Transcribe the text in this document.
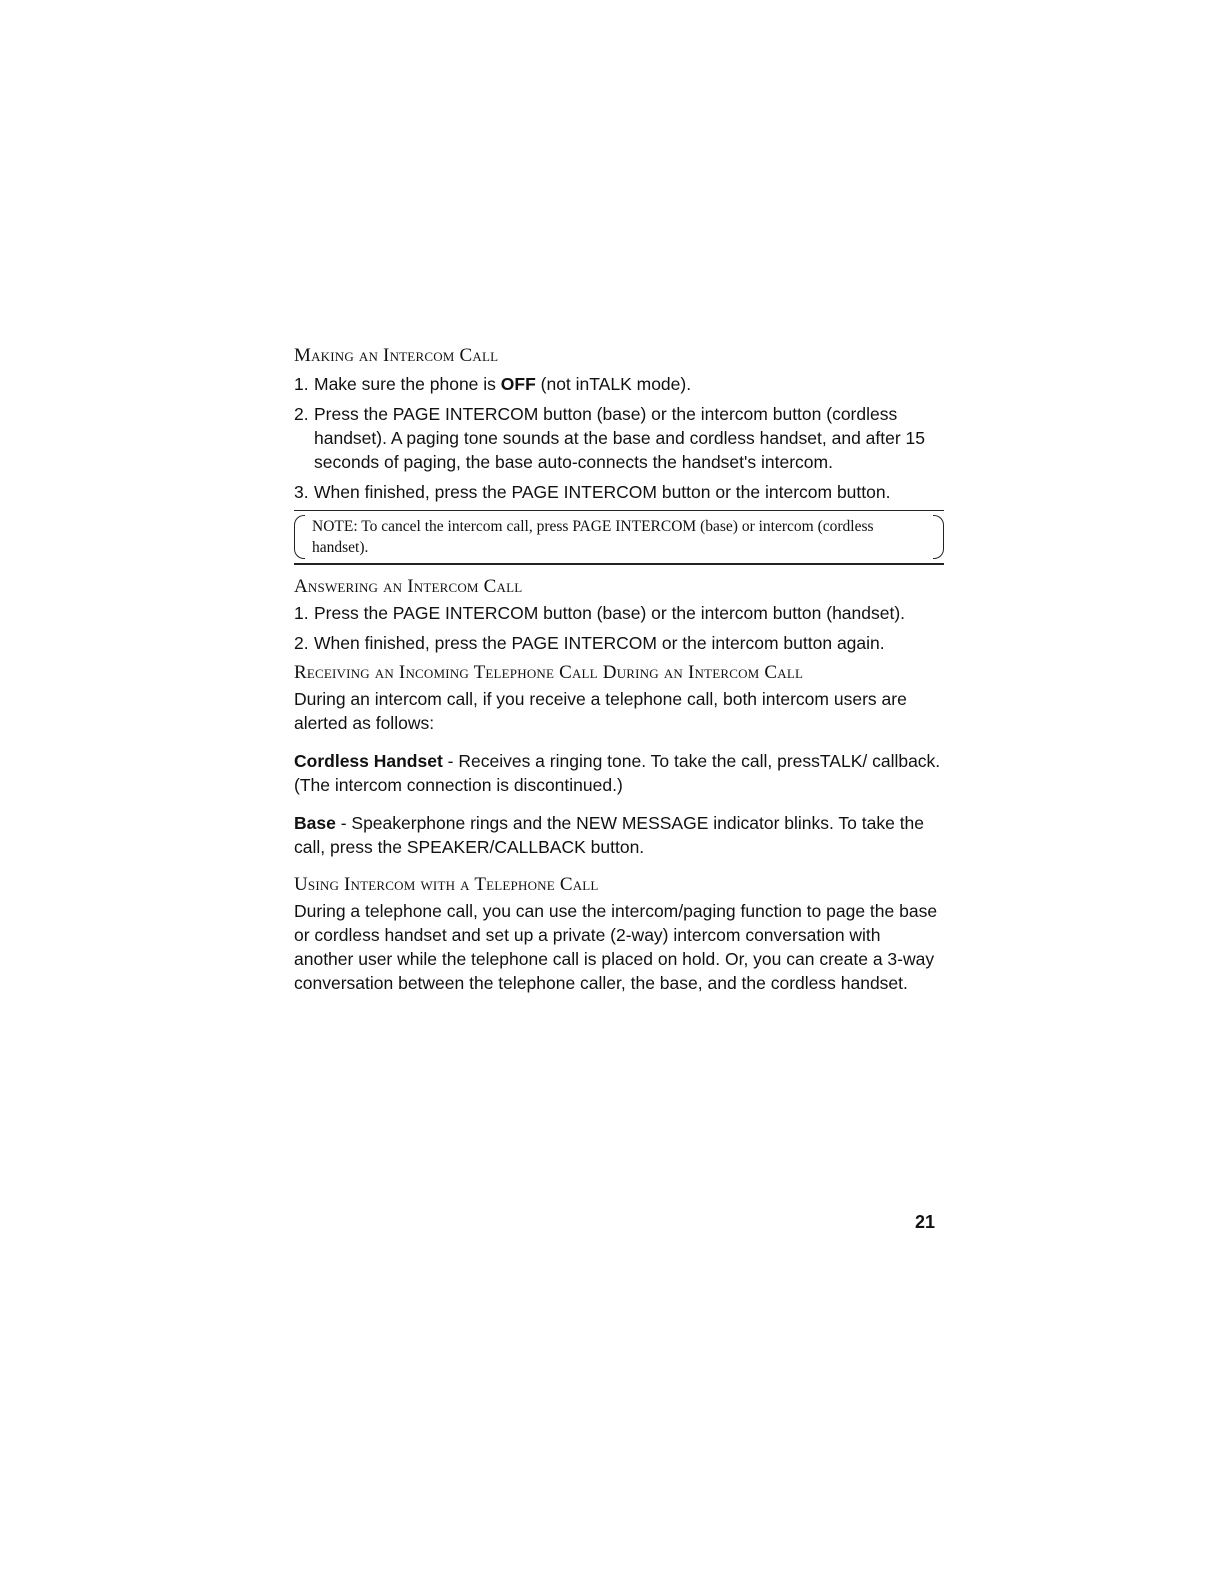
Making an Intercom Call
1. Make sure the phone is OFF (not inTALK mode).
2. Press the PAGE INTERCOM button (base) or the intercom button (cordless handset). A paging tone sounds at the base and cordless handset, and after 15 seconds of paging, the base auto-connects the handset's intercom.
3. When finished, press the PAGE INTERCOM button or the intercom button.
NOTE: To cancel the intercom call, press PAGE INTERCOM (base) or intercom (cordless handset).
Answering an Intercom Call
1. Press the PAGE INTERCOM button (base) or the intercom button (handset).
2. When finished, press the PAGE INTERCOM or the intercom button again.
Receiving an Incoming Telephone Call During an Intercom Call

During an intercom call, if you receive a telephone call, both intercom users are alerted as follows:

Cordless Handset - Receives a ringing tone. To take the call, pressTALK/ callback. (The intercom connection is discontinued.)

Base - Speakerphone rings and the NEW MESSAGE indicator blinks. To take the call, press the SPEAKER/CALLBACK button.

Using Intercom with a Telephone Call

During a telephone call, you can use the intercom/paging function to page the base or cordless handset and set up a private (2-way) intercom conversation with another user while the telephone call is placed on hold. Or, you can create a 3-way conversation between the telephone caller, the base, and the cordless handset.

21
